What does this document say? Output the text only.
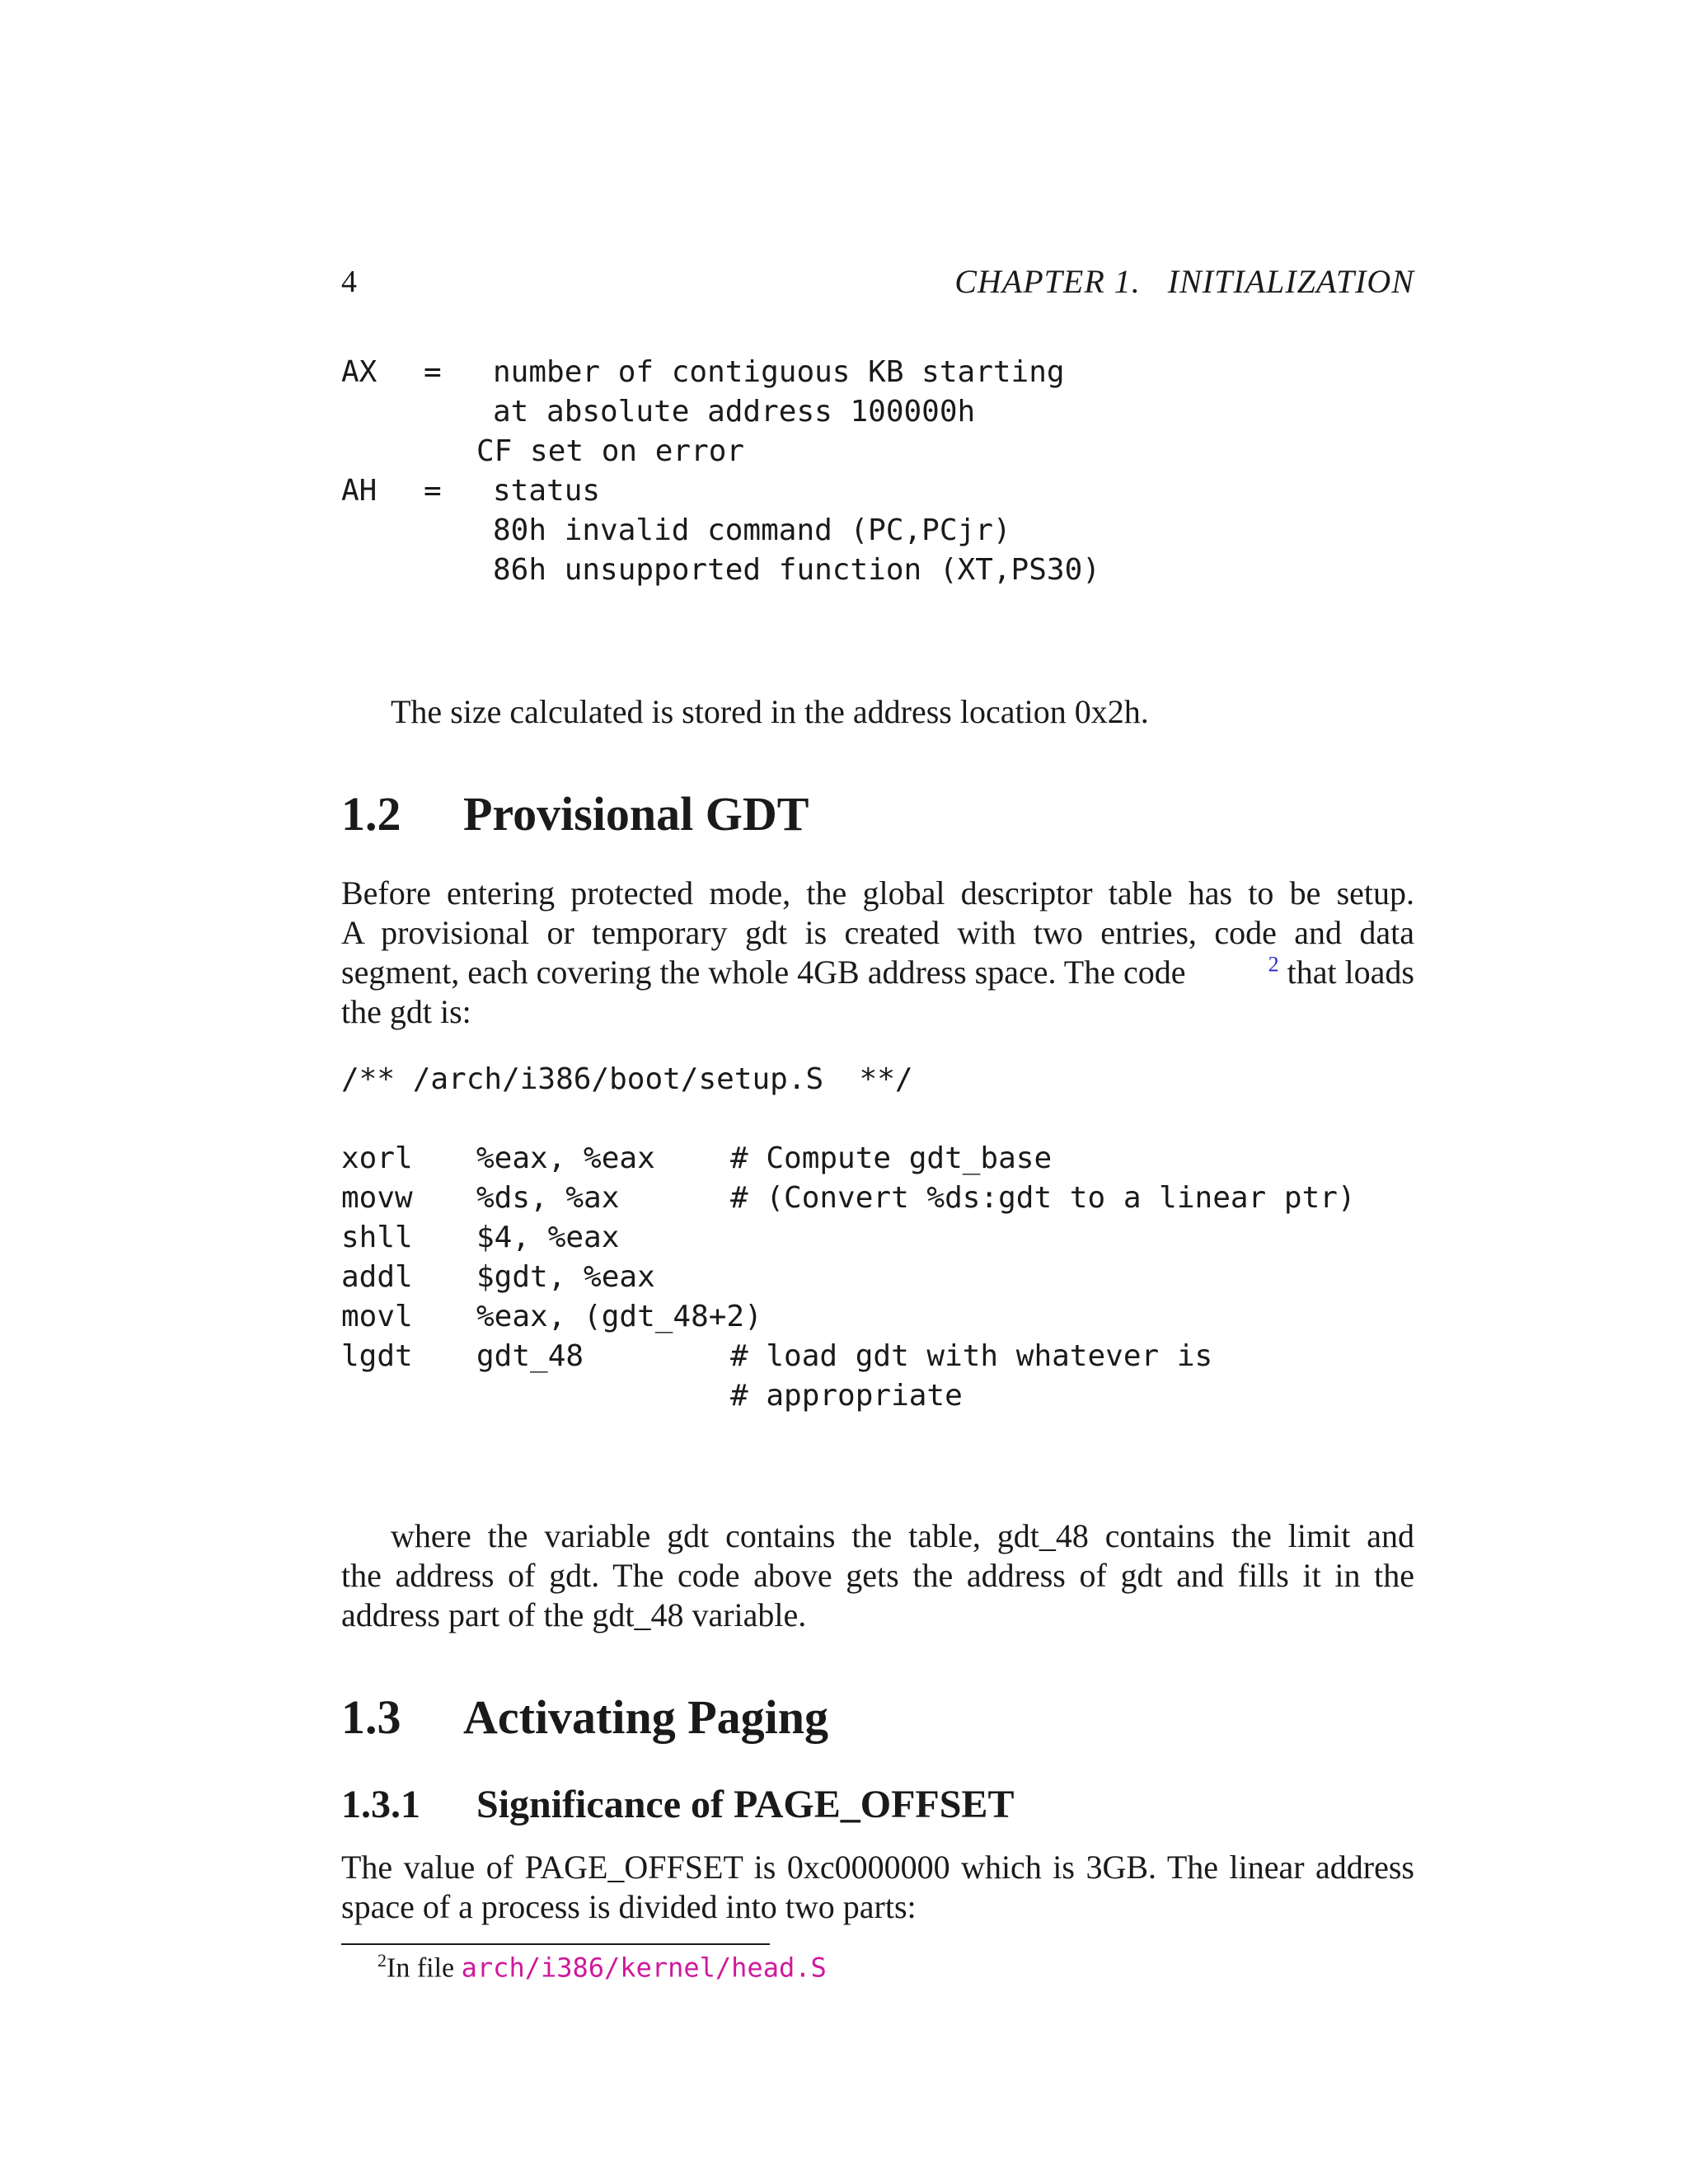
4	CHAPTER 1.   INITIALIZATION
AX = number of contiguous KB starting
at absolute address 100000h
CF set on error
AH = status
80h invalid command (PC,PCjr)
86h unsupported function (XT,PS30)
The size calculated is stored in the address location 0x2h.
1.2 Provisional GDT
Before entering protected mode, the global descriptor table has to be setup.
A provisional or temporary gdt is created with two entries, code and data
segment, each covering the whole 4GB address space. The code	$^2$ that loads
the gdt is:
/** /arch/i386/boot/setup.S  **/
xorl %eax, %eax	# Compute gdt_base
movw %ds, %ax	# (Convert %ds:gdt to a linear ptr)
shll $4, %eax
addl $gdt, %eax
movl %eax, (gdt_48+2)
lgdt gdt_48	# load gdt with whatever is
# appropriate
where the variable gdt contains the table, gdt_48 contains the limit and
the address of gdt. The code above gets the address of gdt and fills it in the
address part of the gdt_48 variable.
1.3 Activating Paging
1.3.1 Significance of PAGE_OFFSET
The value of PAGE_OFFSET is 0xc0000000 which is 3GB. The linear address
space of a process is divided into two parts:
$^2$In file arch/i386/kernel/head.S
